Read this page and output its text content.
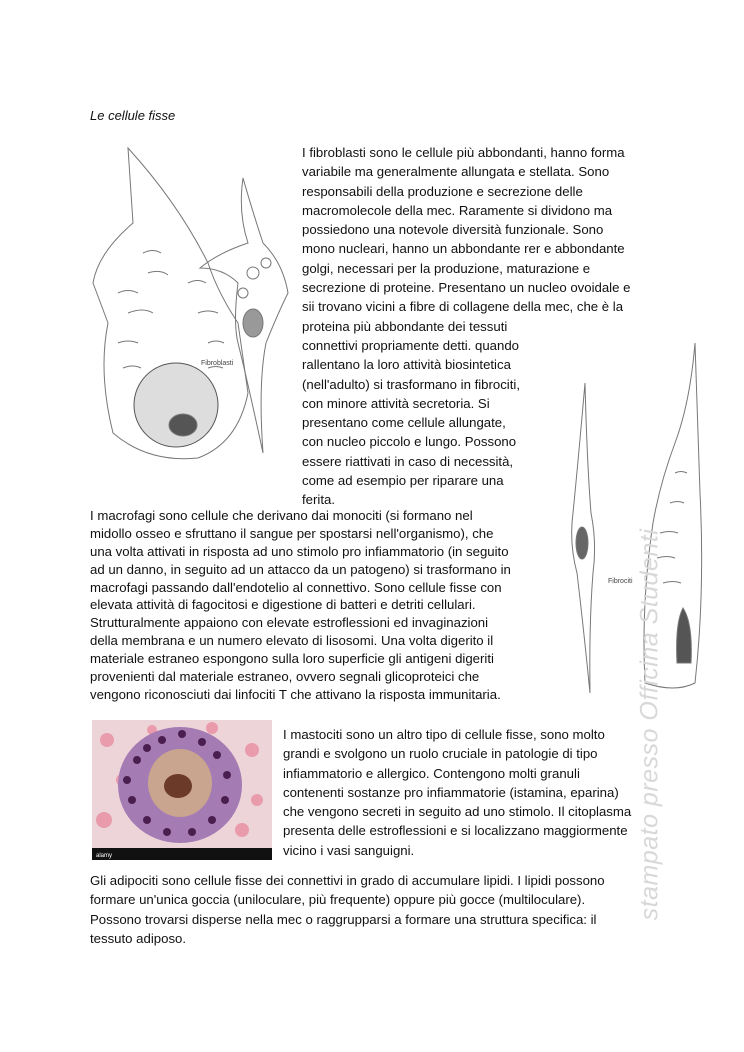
Le cellule fisse
Fibroblasti
I fibroblasti sono le cellule più abbondanti, hanno forma
variabile ma generalmente allungata e stellata. Sono
responsabili della produzione e secrezione delle
macromolecole della mec. Raramente si dividono ma
possiedono una notevole diversità funzionale. Sono
mono nucleari, hanno un abbondante rer e abbondante
golgi, necessari per la produzione, maturazione e
secrezione di proteine. Presentano un nucleo ovoidale e
sii trovano vicini a fibre di collagene della mec, che è la
proteina più abbondante dei tessuti
connettivi propriamente detti. quando
rallentano la loro attività biosintetica
(nell'adulto) si trasformano in fibrociti,
con minore attività secretoria. Si
presentano come cellule allungate,
con nucleo piccolo e lungo. Possono
essere riattivati in caso di necessità,
come ad esempio per riparare una
ferita.
Fibrociti
I macrofagi sono cellule che derivano dai monociti (si formano nel
midollo osseo e sfruttano il sangue per spostarsi nell'organismo), che
una volta attivati in risposta ad uno stimolo pro infiammatorio (in seguito
ad un danno, in seguito ad un attacco da un patogeno) si trasformano in
macrofagi passando dall'endotelio al connettivo. Sono cellule fisse con
elevata attività di fagocitosi e digestione di batteri e detriti cellulari.
Strutturalmente appaiono con elevate estroflessioni ed invaginazioni
della membrana e un numero elevato di lisosomi. Una volta digerito il
materiale estraneo espongono sulla loro superficie gli antigeni digeriti
provenienti dal materiale estraneo, ovvero segnali glicoproteici che
vengono riconosciuti dai linfociti T che attivano la risposta immunitaria.
alamy
I mastociti sono un altro tipo di cellule fisse, sono molto
grandi e svolgono un ruolo cruciale in patologie di tipo
infiammatorio e allergico. Contengono molti granuli
contenenti sostanze pro infiammatorie (istamina, eparina)
che vengono secreti in seguito ad uno stimolo. Il citoplasma
presenta delle estroflessioni e si localizzano maggiormente
vicino i vasi sanguigni.
Gli adipociti sono cellule fisse dei connettivi in grado di accumulare lipidi. I lipidi possono
formare un'unica goccia (uniloculare, più frequente) oppure più gocce (multiloculare).
Possono trovarsi disperse nella mec o raggrupparsi a formare una struttura specifica: il
tessuto adiposo.
stampato presso Officina Studenti
